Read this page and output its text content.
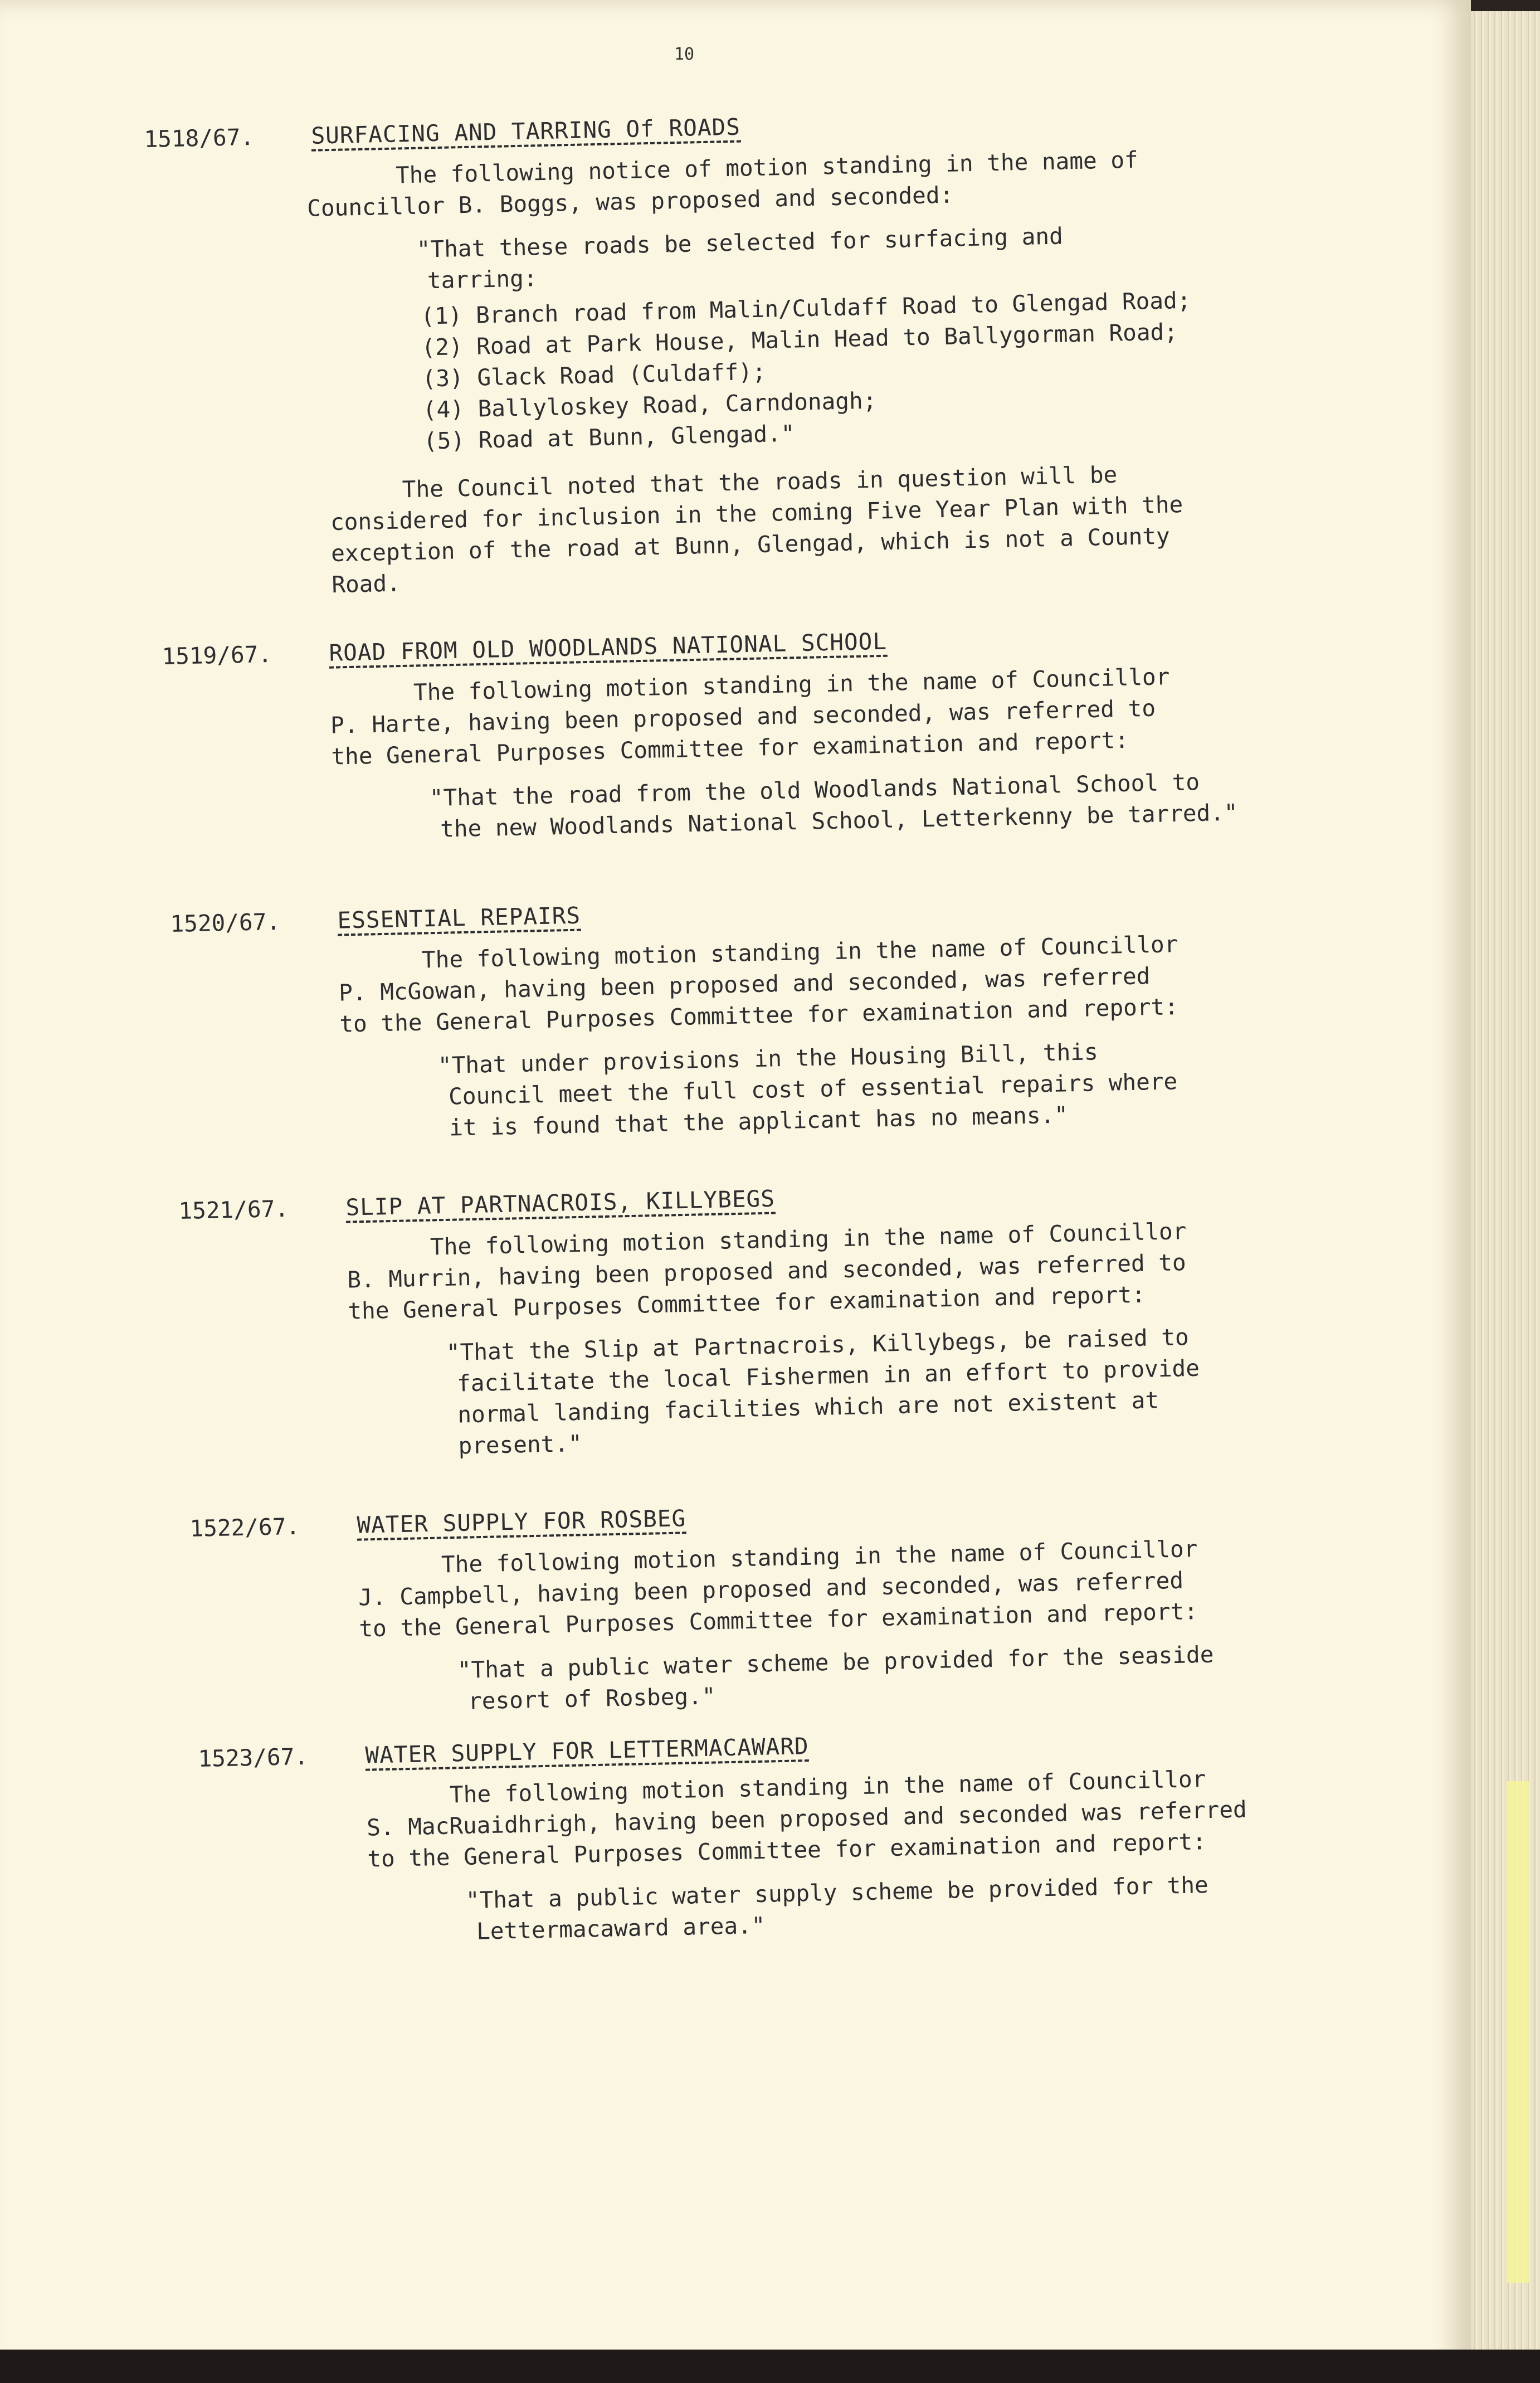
10
1518/67. SURFACING AND TARRING Of ROADS
The following notice of motion standing in the name of
Councillor B. Boggs, was proposed and seconded:
"That these roads be selected for surfacing and
tarring:
(1) Branch road from Malin/Culdaff Road to Glengad Road;
(2) Road at Park House, Malin Head to Ballygorman Road;
(3) Glack Road (Culdaff);
(4) Ballyloskey Road, Carndonagh;
(5) Road at Bunn, Glengad."
The Council noted that the roads in question will be
considered for inclusion in the coming Five Year Plan with the
exception of the road at Bunn, Glengad, which is not a County
Road.
1519/67. ROAD FROM OLD WOODLANDS NATIONAL SCHOOL
The following motion standing in the name of Councillor
P. Harte, having been proposed and seconded, was referred to
the General Purposes Committee for examination and report:
"That the road from the old Woodlands National School to
the new Woodlands National School, Letterkenny be tarred."
1520/67. ESSENTIAL REPAIRS
The following motion standing in the name of Councillor
P. McGowan, having been proposed and seconded, was referred
to the General Purposes Committee for examination and report:
"That under provisions in the Housing Bill, this
Council meet the full cost of essential repairs where
it is found that the applicant has no means."
1521/67. SLIP AT PARTNACROIS, KILLYBEGS
The following motion standing in the name of Councillor
B. Murrin, having been proposed and seconded, was referred to
the General Purposes Committee for examination and report:
"That the Slip at Partnacrois, Killybegs, be raised to
facilitate the local Fishermen in an effort to provide
normal landing facilities which are not existent at
present."
1522/67. WATER SUPPLY FOR ROSBEG
The following motion standing in the name of Councillor
J. Campbell, having been proposed and seconded, was referred
to the General Purposes Committee for examination and report:
"That a public water scheme be provided for the seaside
resort of Rosbeg."
1523/67. WATER SUPPLY FOR LETTERMACAWARD
The following motion standing in the name of Councillor
S. MacRuaidhrigh, having been proposed and seconded was referred
to the General Purposes Committee for examination and report:
"That a public water supply scheme be provided for the
Lettermacaward area."
